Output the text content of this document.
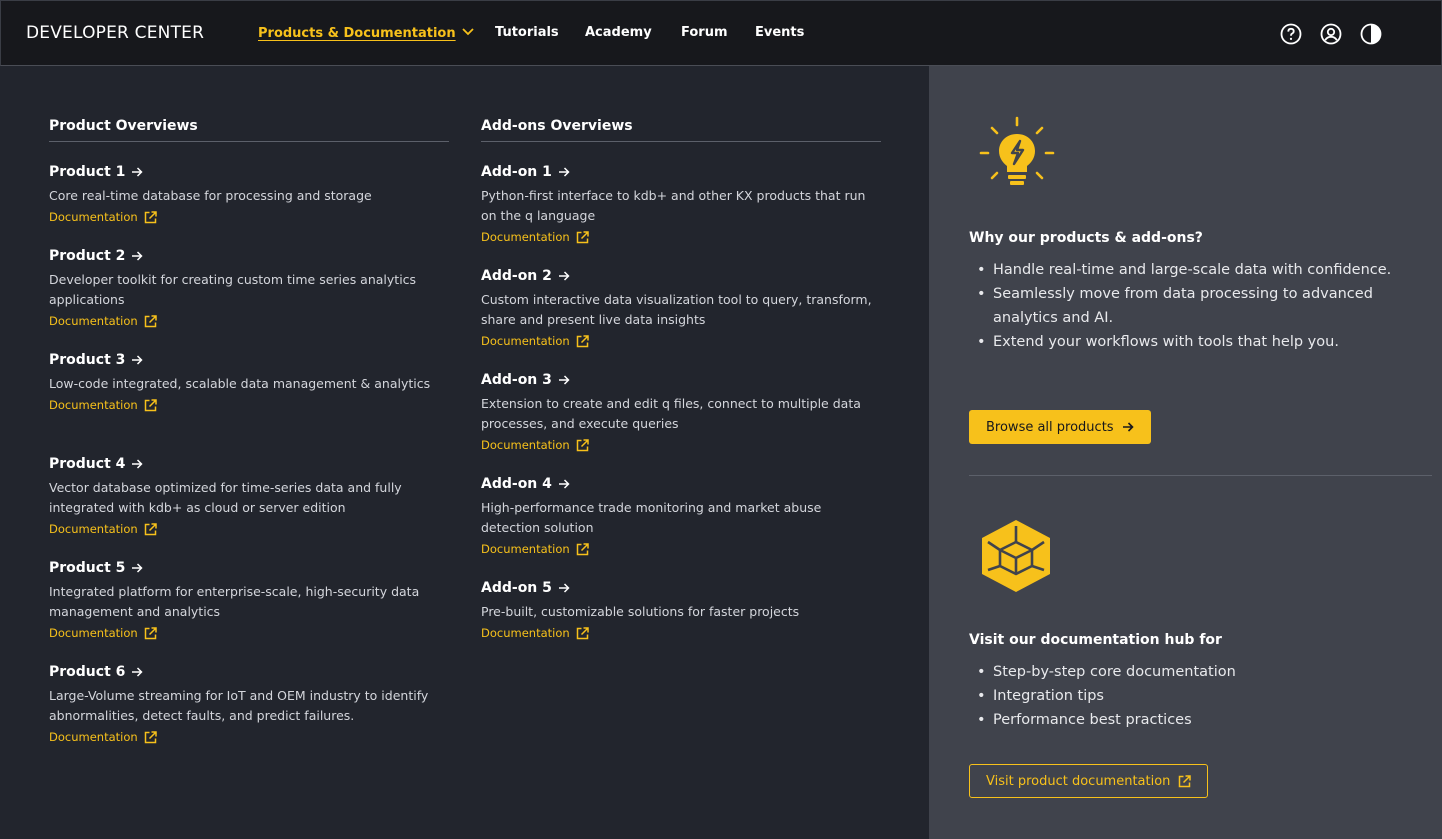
DEVELOPER CENTER	Products & Documentation	Tutorials Academy Forum Events
Product Overviews
Product 1
Core real-time database for processing and storage
Documentation
Product 2
Developer toolkit for creating custom time series analytics applications
Documentation
Product 3
Low-code integrated, scalable data management & analytics
Documentation
Product 4
Vector database optimized for time-series data and fully integrated with kdb+ as cloud or server edition
Documentation
Product 5
Integrated platform for enterprise-scale, high-security data management and analytics
Documentation
Product 6
Large-Volume streaming for IoT and OEM industry to identify abnormalities, detect faults, and predict failures.
Documentation
Add-ons Overviews
Add-on 1
Python-first interface to kdb+ and other KX products that run on the q language
Documentation
Add-on 2
Custom interactive data visualization tool to query, transform, share and present live data insights
Documentation
Add-on 3
Extension to create and edit q files, connect to multiple data processes, and execute queries
Documentation
Add-on 4
High-performance trade monitoring and market abuse detection solution
Documentation
Add-on 5
Pre-built, customizable solutions for faster projects
Documentation
Why our products & add-ons?
• Handle real-time and large-scale data with confidence.
• Seamlessly move from data processing to advanced analytics and AI.
• Extend your workflows with tools that help you.
Browse all products
Visit our documentation hub for
• Step-by-step core documentation
• Integration tips
• Performance best practices
Visit product documentation
